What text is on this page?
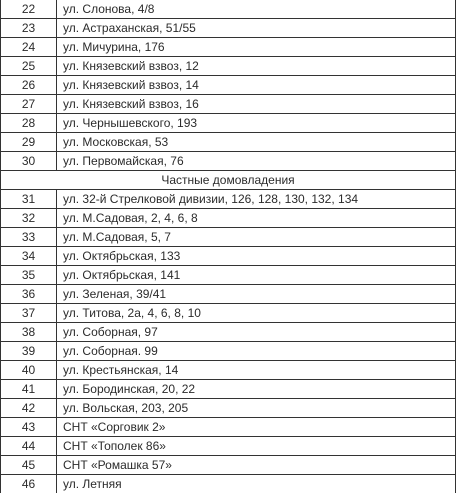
22	ул. Слонова, 4/8
23	ул. Астраханская, 51/55
24	ул. Мичурина, 176
25	ул. Князевский взвоз, 12
26	ул. Князевский взвоз, 14
27	ул. Князевский взвоз, 16
28	ул. Чернышевского, 193
29	ул. Московская, 53
30	ул. Первомайская, 76
Частные домовладения	
31	ул. 32-й Стрелковой дивизии, 126, 128, 130, 132, 134
32	ул. М.Садовая, 2, 4, 6, 8
33	ул. М.Садовая, 5, 7
34	ул. Октябрьская, 133
35	ул. Октябрьская, 141
36	ул. Зеленая, 39/41
37	ул. Титова, 2а, 4, 6, 8, 10
38	ул. Соборная, 97
39	ул. Соборная. 99
40	ул. Крестьянская, 14
41	ул. Бородинская, 20, 22
42	ул. Вольская, 203, 205
43	СНТ «Сорговик 2»
44	СНТ «Тополек 86»
45	СНТ «Ромашка 57»
46	ул. Летняя
